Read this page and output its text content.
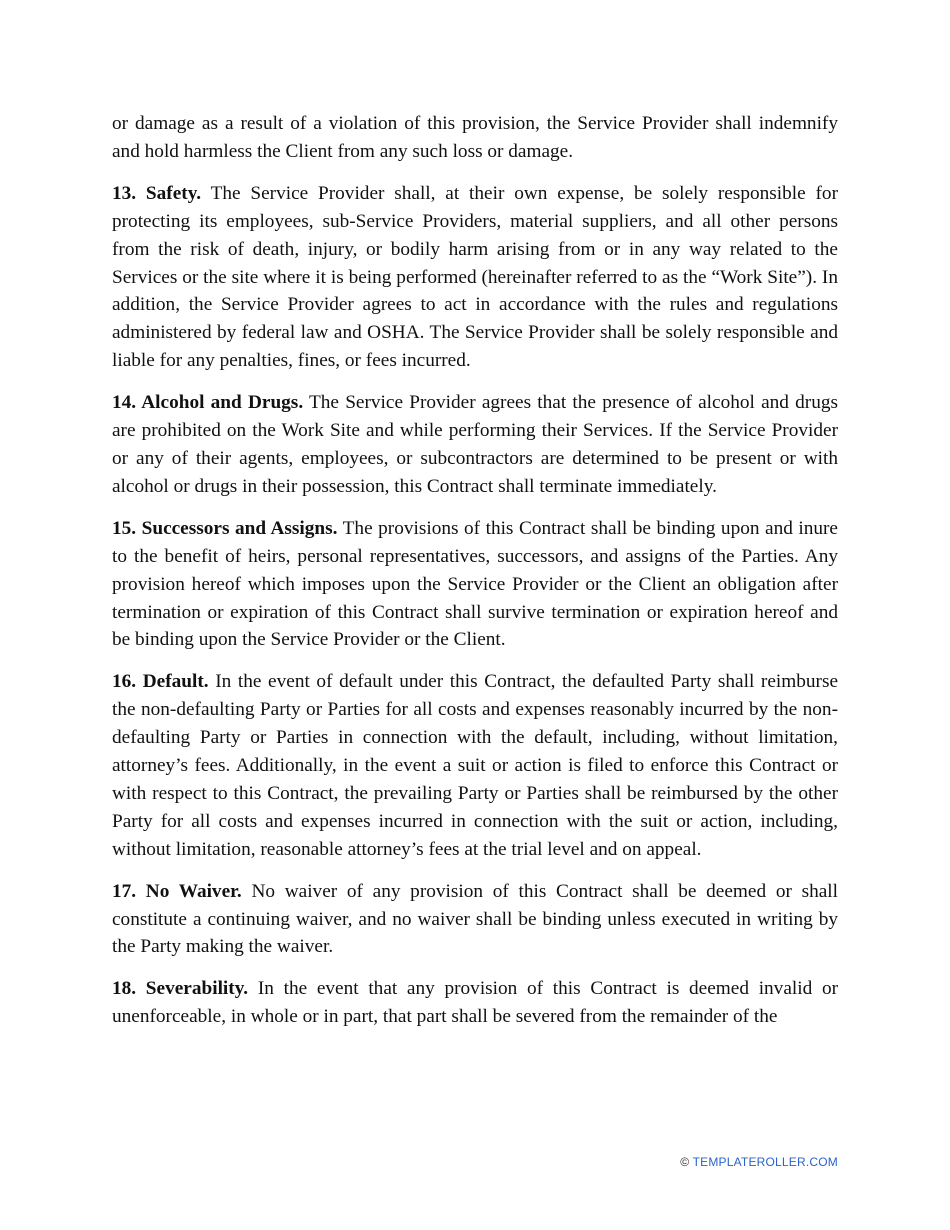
or damage as a result of a violation of this provision, the Service Provider shall indemnify and hold harmless the Client from any such loss or damage.

13. Safety. The Service Provider shall, at their own expense, be solely responsible for protecting its employees, sub-Service Providers, material suppliers, and all other persons from the risk of death, injury, or bodily harm arising from or in any way related to the Services or the site where it is being performed (hereinafter referred to as the “Work Site”). In addition, the Service Provider agrees to act in accordance with the rules and regulations administered by federal law and OSHA. The Service Provider shall be solely responsible and liable for any penalties, fines, or fees incurred.

14. Alcohol and Drugs. The Service Provider agrees that the presence of alcohol and drugs are prohibited on the Work Site and while performing their Services. If the Service Provider or any of their agents, employees, or subcontractors are determined to be present or with alcohol or drugs in their possession, this Contract shall terminate immediately.

15. Successors and Assigns. The provisions of this Contract shall be binding upon and inure to the benefit of heirs, personal representatives, successors, and assigns of the Parties. Any provision hereof which imposes upon the Service Provider or the Client an obligation after termination or expiration of this Contract shall survive termination or expiration hereof and be binding upon the Service Provider or the Client.

16. Default. In the event of default under this Contract, the defaulted Party shall reimburse the non-defaulting Party or Parties for all costs and expenses reasonably incurred by the non-defaulting Party or Parties in connection with the default, including, without limitation, attorney’s fees. Additionally, in the event a suit or action is filed to enforce this Contract or with respect to this Contract, the prevailing Party or Parties shall be reimbursed by the other Party for all costs and expenses incurred in connection with the suit or action, including, without limitation, reasonable attorney’s fees at the trial level and on appeal.

17. No Waiver. No waiver of any provision of this Contract shall be deemed or shall constitute a continuing waiver, and no waiver shall be binding unless executed in writing by the Party making the waiver.

18. Severability. In the event that any provision of this Contract is deemed invalid or unenforceable, in whole or in part, that part shall be severed from the remainder of the

© TEMPLATEROLLER.COM
